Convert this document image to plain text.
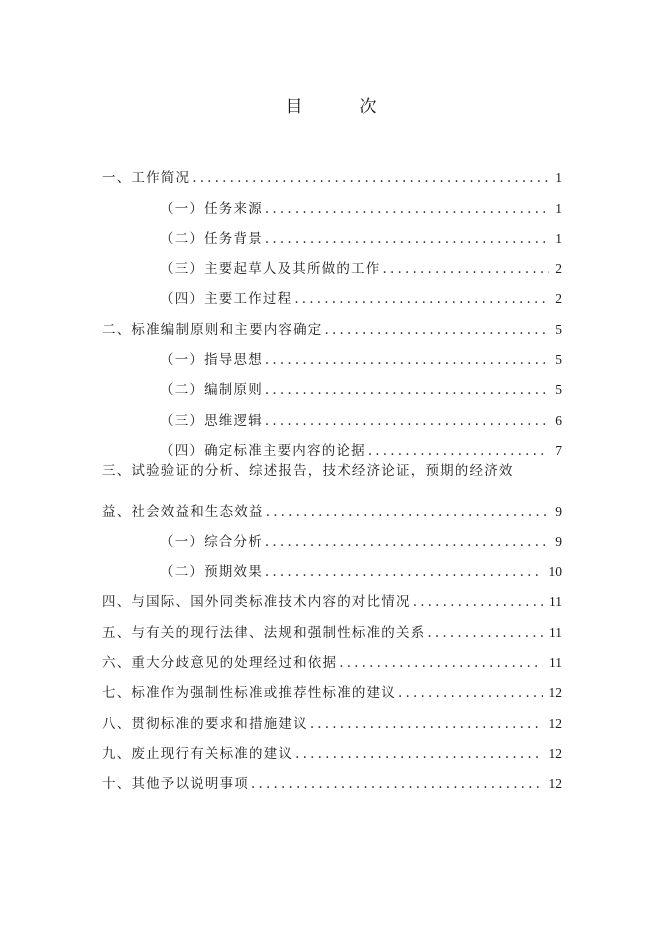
目　次
一、工作简况 .....	1
（一）任务来源 .....	1
（二）任务背景 .....	1
（三）主要起草人及其所做的工作 .....	2
（四）主要工作过程 .....	2
二、标准编制原则和主要内容确定 .....	5
（一）指导思想 .....	5
（二）编制原则 .....	5
（三）思维逻辑 .....	6
（四）确定标准主要内容的论据 .....	7
三、试验验证的分析、综述报告，技术经济论证，预期的经济效
益、社会效益和生态效益 .....	9
（一）综合分析 .....	9
（二）预期效果 .....	10
四、与国际、国外同类标准技术内容的对比情况 .....	11
五、与有关的现行法律、法规和强制性标准的关系 .....	11
六、重大分歧意见的处理经过和依据 .....	11
七、标准作为强制性标准或推荐性标准的建议 .....	12
八、贯彻标准的要求和措施建议 .....	12
九、废止现行有关标准的建议 .....	12
十、其他予以说明事项 .....	12
